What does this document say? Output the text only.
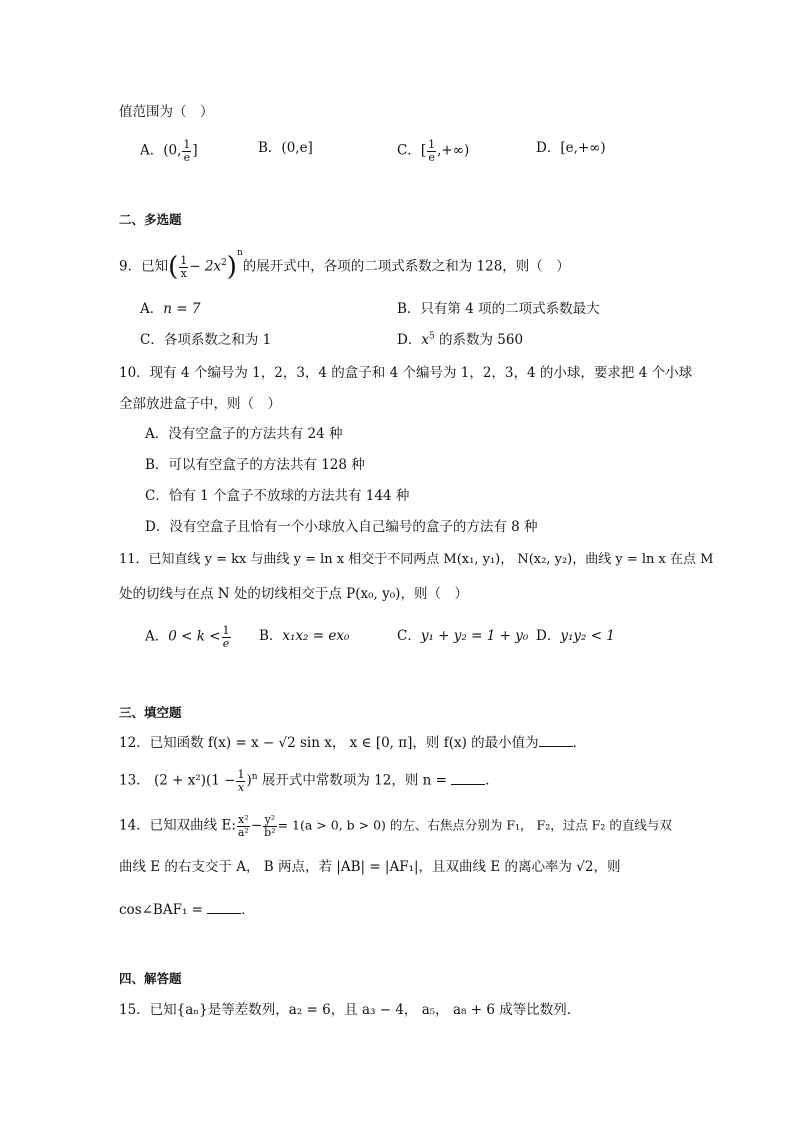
值范围为（　）
A．(0, $\frac{1}{e}$ ]	B．(0,e]	C．[ $\frac{1}{e}$ ,+∞)	D．[e,+∞)
二、多选题
9．已知( $\frac{1}{x} - 2x^2)^n$的展开式中，各项的二项式系数之和为 128，则（　）
A．n = 7	B．只有第 4 项的二项式系数最大
C．各项系数之和为 1	D．$x^5$ 的系数为 560
10．现有 4 个编号为 1，2，3，4 的盒子和 4 个编号为 1，2，3，4 的小球，要求把 4 个小球
全部放进盒子中，则（　）
A．没有空盒子的方法共有 24 种
B．可以有空盒子的方法共有 128 种
C．恰有 1 个盒子不放球的方法共有 144 种
D．没有空盒子且恰有一个小球放入自己编号的盒子的方法有 8 种
11．已知直线 y = kx 与曲线 y = ln x 相交于不同两点 M(x₁, y₁)， N(x₂, y₂)，曲线 y = ln x 在点 M
处的切线与在点 N 处的切线相交于点 P(x₀, y₀)，则（　）
A．$0 < k < \frac{1}{e}$ B．x₁x₂ = ex₀	C．y₁ + y₂ = 1 + y₀ D．y₁y₂ < 1
三、填空题
12．已知函数 f(x) = x − √2 sin x， x ∈ [0, π]，则 f(x) 的最小值为	．
13． $(2 + x^2)(1 - \frac{1}{x})^n$ 展开式中常数项为 12，则 n =	．
14．已知双曲线 E: $\frac{\text{x²}}{\text{a²}} - \frac{\text{y²}}{\text{b²}} = 1(a > 0$, b > 0) 的左、右焦点分别为 F₁， F₂，过点 F₂ 的直线与双
曲线 E 的右支交于 A， B 两点，若 |AB| = |AF₁|，且双曲线 E 的离心率为 √2，则
cos∠BAF₁ =	．
四、解答题
15．已知{aₙ}是等差数列，a₂ = 6，且 a₃ − 4， a₅， a₈ + 6 成等比数列．
